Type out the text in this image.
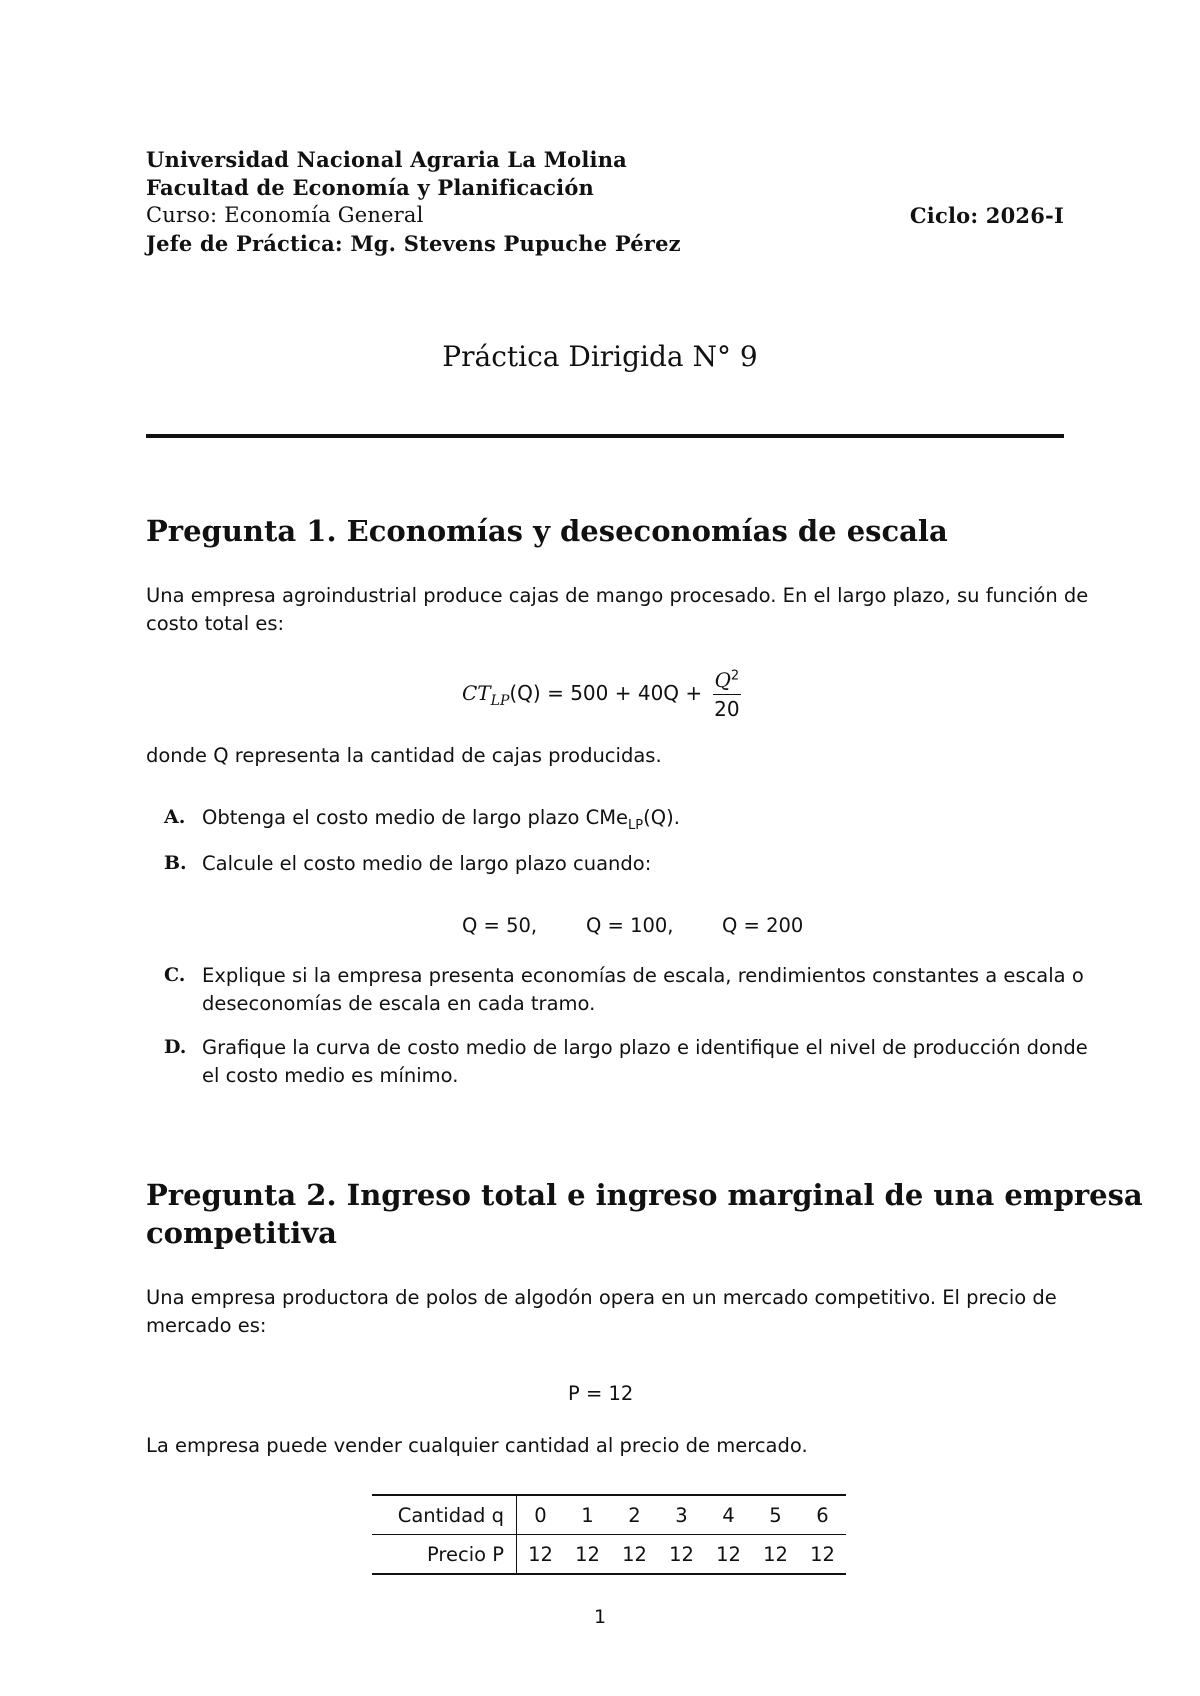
Universidad Nacional Agraria La Molina
Facultad de Economía y Planificación
Curso: Economía General	Ciclo: 2026-I
Jefe de Práctica: Mg. Stevens Pupuche Pérez
Práctica Dirigida N° 9
Pregunta 1. Economías y deseconomías de escala
Una empresa agroindustrial produce cajas de mango procesado. En el largo plazo, su función de
costo total es:
$CT_{LP}(Q) = 500 + 40Q + \frac{Q^2}{20}$
donde Q representa la cantidad de cajas producidas.
A. Obtenga el costo medio de largo plazo CMe$_{LP}$(Q).
B. Calcule el costo medio de largo plazo cuando:
Q = 50,	Q = 100, Q = 200
C. Explique si la empresa presenta economías de escala, rendimientos constantes a escala o
deseconomías de escala en cada tramo.
D. Grafique la curva de costo medio de largo plazo e identifique el nivel de producción donde
el costo medio es mínimo.
Pregunta 2. Ingreso total e ingreso marginal de una empresa
competitiva
Una empresa productora de polos de algodón opera en un mercado competitivo. El precio de
mercado es:
P = 12
La empresa puede vender cualquier cantidad al precio de mercado.
Cantidad q	0	1	2	3	4	5	6
Precio P	12	12	12	12	12	12	12
1
